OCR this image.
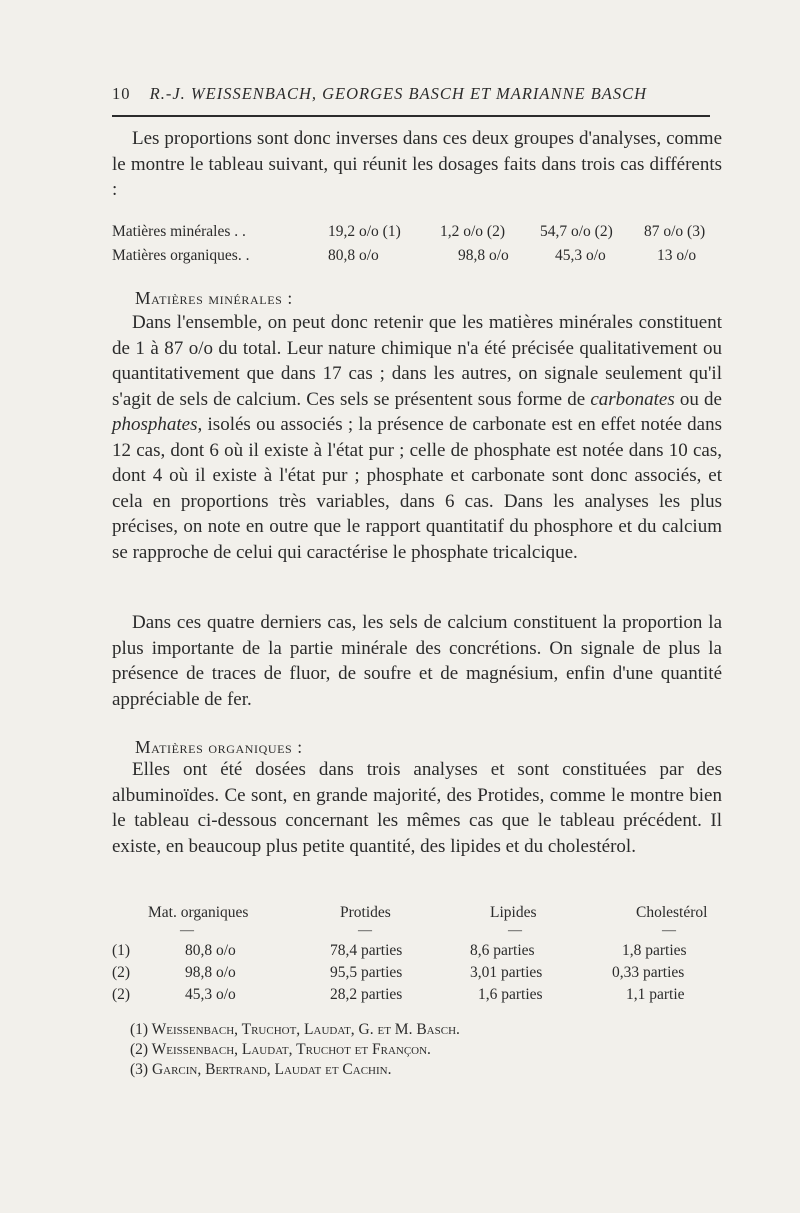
10 R.-J. WEISSENBACH, GEORGES BASCH ET MARIANNE BASCH

Les proportions sont donc inverses dans ces deux groupes d'analyses, comme le montre le tableau suivant, qui réunit les dosages faits dans trois cas différents :

Matières minérales . .	19,2 o/o (1)	1,2 o/o (2) 54,7 o/o (2) 87 o/o (3)
Matières organiques. .	80,8 o/o	98,8 o/o	45,3 o/o	13 o/o
Matières minérales :

Dans l'ensemble, on peut donc retenir que les matières minérales constituent de 1 à 87 o/o du total. Leur nature chimique n'a été précisée qualitativement ou quantitativement que dans 17 cas ; dans les autres, on signale seulement qu'il s'agit de sels de calcium. Ces sels se présentent sous forme de carbonates ou de phosphates, isolés ou associés ; la présence de carbonate est en effet notée dans 12 cas, dont 6 où il existe à l'état pur ; celle de phosphate est notée dans 10 cas, dont 4 où il existe à l'état pur ; phosphate et carbonate sont donc associés, et cela en proportions très variables, dans 6 cas. Dans les analyses les plus précises, on note en outre que le rapport quantitatif du phosphore et du calcium se rapproche de celui qui caractérise le phosphate tricalcique.

Dans ces quatre derniers cas, les sels de calcium constituent la proportion la plus importante de la partie minérale des concrétions. On signale de plus la présence de traces de fluor, de soufre et de magnésium, enfin d'une quantité appréciable de fer.

Matières organiques :

Elles ont été dosées dans trois analyses et sont constituées par des albuminoïdes. Ce sont, en grande majorité, des Protides, comme le montre bien le tableau ci-dessous concernant les mêmes cas que le tableau précédent. Il existe, en beaucoup plus petite quantité, des lipides et du cholestérol.

Mat. organiques	Protides	Lipides	Cholestérol
—	—	—	—
(1)	80,8 o/o	78,4 parties	8,6 parties	1,8 parties
(2)	98,8 o/o	95,5 parties	3,01 parties	0,33 parties
(2)	45,3 o/o	28,2 parties	1,6 parties	1,1 partie
(1) Weissenbach, Truchot, Laudat, G. et M. Basch.
(2) Weissenbach, Laudat, Truchot et Françon.
(3) Garcin, Bertrand, Laudat et Cachin.
